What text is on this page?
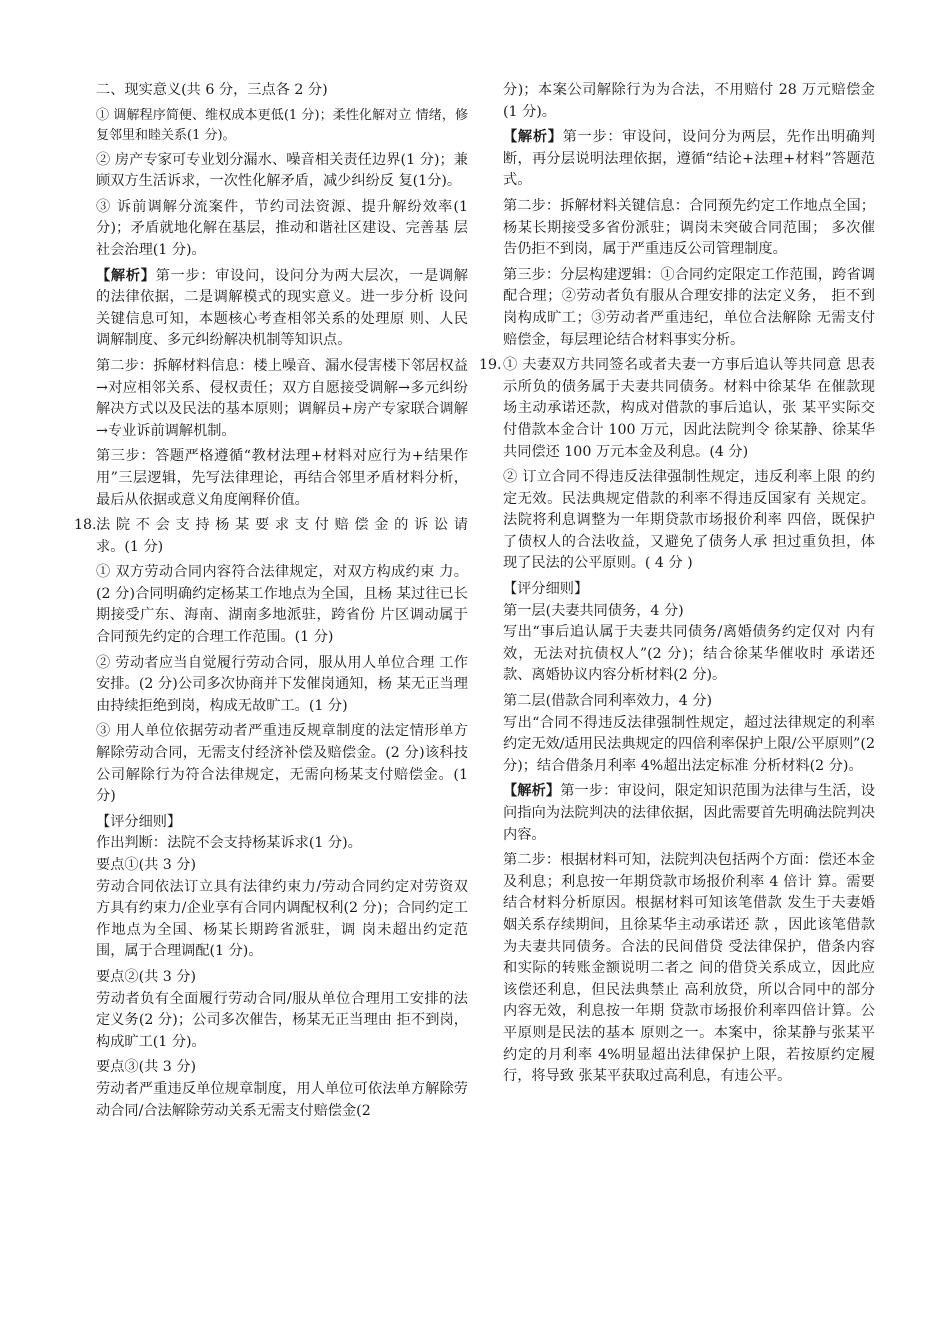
二、现实意义(共 6 分，三点各 2 分)

① 调解程序简便、维权成本更低(1 分)；柔性化解对立 情绪，修复邻里和睦关系(1 分)。

② 房产专家可专业划分漏水、噪音相关责任边界(1 分)；兼顾双方生活诉求，一次性化解矛盾，减少纠纷反 复(1分)。

③ 诉前调解分流案件，节约司法资源、提升解纷效率(1 分)；矛盾就地化解在基层，推动和谐社区建设、完善基 层社会治理(1 分)。

【解析】第一步：审设问，设问分为两大层次，一是调解 的法律依据，二是调解模式的现实意义。进一步分析 设问关键信息可知，本题核心考查相邻关系的处理原 则、人民调解制度、多元纠纷解决机制等知识点。

第二步：拆解材料信息：楼上噪音、漏水侵害楼下邻居权益→对应相邻关系、侵权责任；双方自愿接受调解→多元纠纷解决方式以及民法的基本原则；调解员+房产专家联合调解→专业诉前调解机制。

第三步：答题严格遵循“教材法理+材料对应行为+结果作用”三层逻辑，先写法律理论，再结合邻里矛盾材料分析，最后从依据或意义角度阐释价值。

18. 法 院 不 会 支 持 杨 某 要 求 支 付 赔 偿 金 的 诉 讼 请 求。(1 分)

① 双方劳动合同内容符合法律规定，对双方构成约束 力。(2 分)合同明确约定杨某工作地点为全国，且杨 某过往已长期接受广东、海南、湖南多地派驻，跨省份 片区调动属于合同预先约定的合理工作范围。(1 分)

② 劳动者应当自觉履行劳动合同，服从用人单位合理 工作安排。(2 分)公司多次协商并下发催岗通知，杨 某无正当理由持续拒绝到岗，构成无故旷工。(1 分)

③ 用人单位依据劳动者严重违反规章制度的法定情形单方解除劳动合同，无需支付经济补偿及赔偿金。(2 分)该科技公司解除行为符合法律规定，无需向杨某支付赔偿金。(1 分)

【评分细则】

作出判断：法院不会支持杨某诉求(1 分)。

要点①(共 3 分)

劳动合同依法订立具有法律约束力/劳动合同约定对劳资双方具有约束力/企业享有合同内调配权利(2 分)；合同约定工作地点为全国、杨某长期跨省派驻，调 岗未超出约定范围，属于合理调配(1 分)。

要点②(共 3 分)

劳动者负有全面履行劳动合同/服从单位合理用工安排的法定义务(2 分)；公司多次催告，杨某无正当理由 拒不到岗，构成旷工(1 分)。

要点③(共 3 分)

劳动者严重违反单位规章制度，用人单位可依法单方解除劳动合同/合法解除劳动关系无需支付赔偿金(2

分)；本案公司解除行为为合法，不用赔付 28 万元赔偿金 (1 分)。

【解析】第一步：审设问，设问分为两层，先作出明确判断，再分层说明法理依据，遵循“结论+法理+材料”答题范式。

第二步：拆解材料关键信息：合同预先约定工作地点全国；杨某长期接受多省份派驻；调岗未突破合同范围； 多次催告仍拒不到岗，属于严重违反公司管理制度。

第三步：分层构建逻辑：①合同约定限定工作范围，跨省调配合理；②劳动者负有服从合理安排的法定义务， 拒不到岗构成旷工；③劳动者严重违纪，单位合法解除 无需支付赔偿金，每层理论结合材料事实分析。

19. ① 夫妻双方共同签名或者夫妻一方事后追认等共同意 思表示所负的债务属于夫妻共同债务。材料中徐某华 在催款现场主动承诺还款，构成对借款的事后追认，张 某平实际交付借款本金合计 100 万元，因此法院判令 徐某静、徐某华共同偿还 100 万元本金及利息。(4 分)

② 订立合同不得违反法律强制性规定，违反利率上限 的约定无效。民法典规定借款的利率不得违反国家有 关规定。法院将利息调整为一年期贷款市场报价利率 四倍，既保护了债权人的合法收益，又避免了债务人承 担过重负担，体现了民法的公平原则。( 4 分 )

【评分细则】

第一层(夫妻共同债务，4 分)

写出“事后追认属于夫妻共同债务/离婚债务约定仅对 内有效，无法对抗债权人”(2 分)；结合徐某华催收时 承诺还款、离婚协议内容分析材料(2 分)。

第二层(借款合同利率效力，4 分)

写出“合同不得违反法律强制性规定，超过法律规定的利率约定无效/适用民法典规定的四倍利率保护上限/公平原则”(2 分)；结合借条月利率 4%超出法定标准 分析材料(2 分)。

【解析】第一步：审设问，限定知识范围为法律与生活，设问指向为法院判决的法律依据，因此需要首先明确法院判决内容。

第二步：根据材料可知，法院判决包括两个方面：偿还本金及利息；利息按一年期贷款市场报价利率 4 倍计 算。需要结合材料分析原因。根据材料可知该笔借款 发生于夫妻婚姻关系存续期间，且徐某华主动承诺还 款 ，因此该笔借款为夫妻共同债务。合法的民间借贷 受法律保护，借条内容和实际的转账金额说明二者之 间的借贷关系成立，因此应该偿还利息，但民法典禁止 高利放贷，所以合同中的部分内容无效，利息按一年期 贷款市场报价利率四倍计算。公平原则是民法的基本 原则之一。本案中，徐某静与张某平约定的月利率 4%明显超出法律保护上限，若按原约定履行，将导致 张某平获取过高利息，有违公平。
